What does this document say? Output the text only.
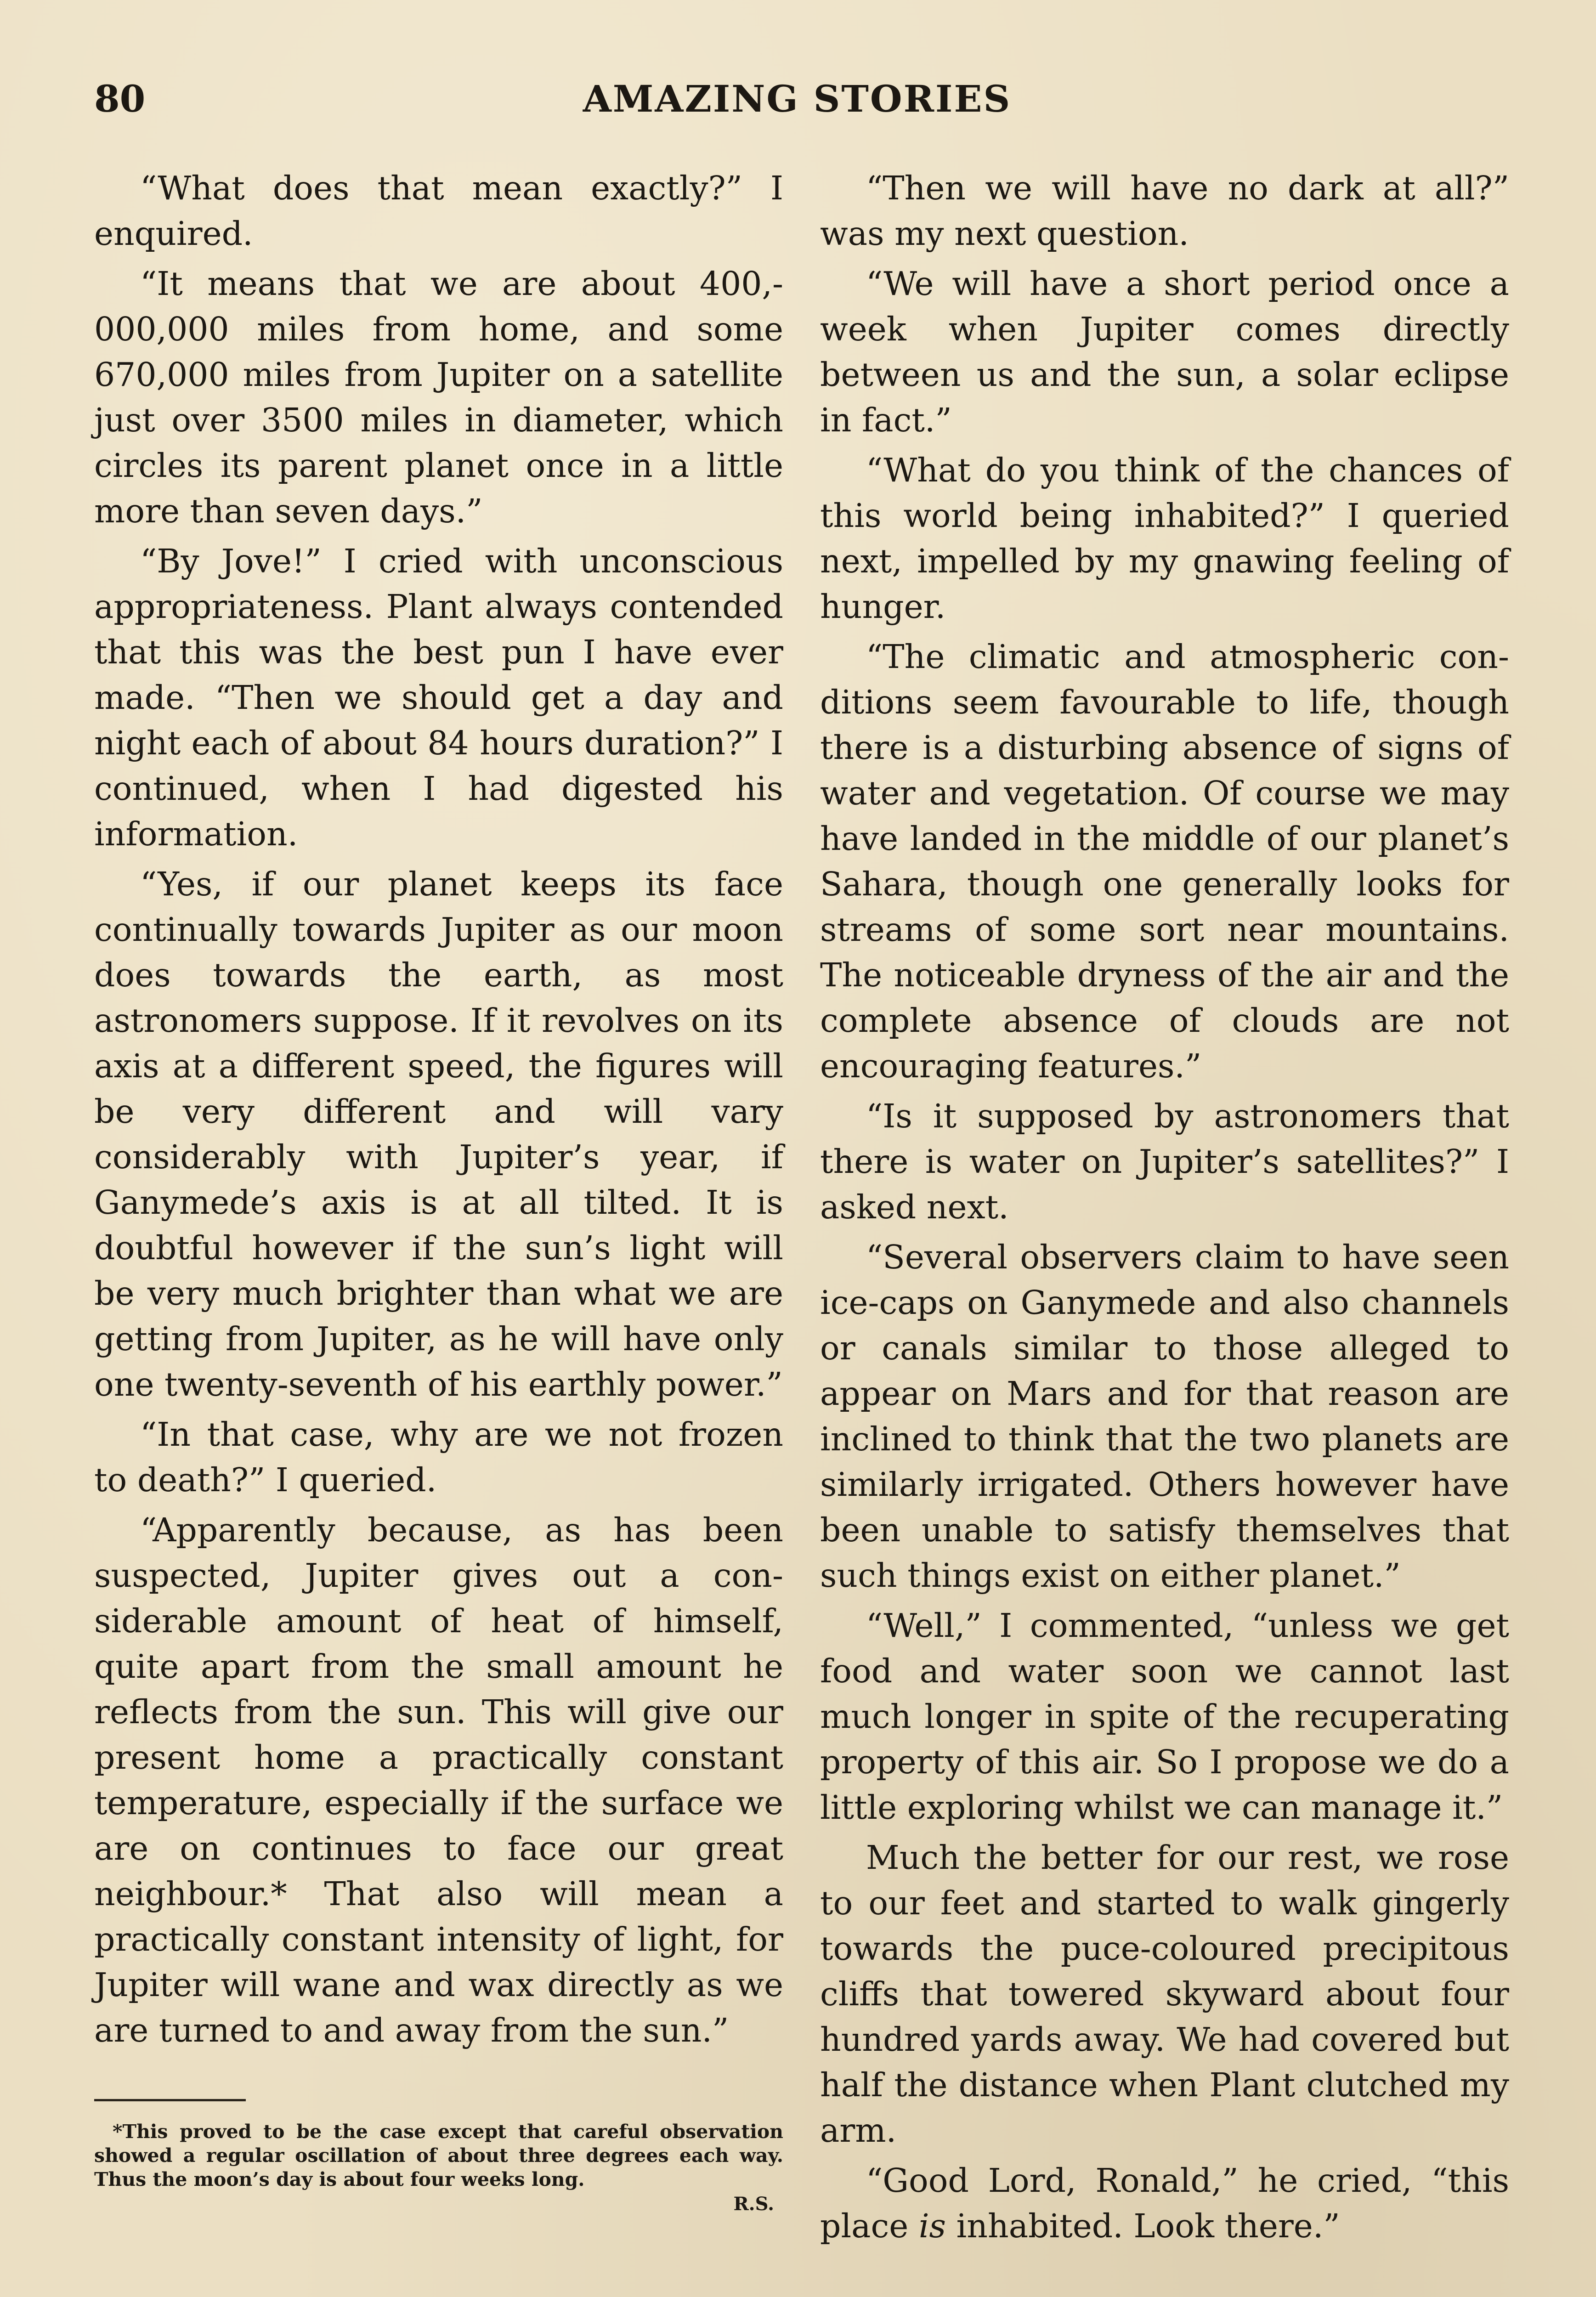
80	AMAZING STORIES

“What does that mean exactly?” I enquired.

“It means that we are about 400,000,000 miles from home, and some 670,000 miles from Jupiter on a satellite just over 3500 miles in diameter, which circles its parent planet once in a little more than seven days.”

“By Jove!” I cried with unconscious appropriateness. Plant always contended that this was the best pun I have ever made. “Then we should get a day and night each of about 84 hours duration?” I continued, when I had digested his information.

“Yes, if our planet keeps its face continually towards Jupiter as our moon does towards the earth, as most astronomers suppose. If it revolves on its axis at a different speed, the figures will be very different and will vary considerably with Jupiter’s year, if Ganymede’s axis is at all tilted. It is doubtful however if the sun’s light will be very much brighter than what we are getting from Jupiter, as he will have only one twenty-seventh of his earthly power.”

“In that case, why are we not frozen to death?” I queried.

“Apparently because, as has been suspected, Jupiter gives out a considerable amount of heat of himself, quite apart from the small amount he reflects from the sun. This will give our present home a practically constant temperature, especially if the surface we are on continues to face our great neighbour.* That also will mean a practically constant intensity of light, for Jupiter will wane and wax directly as we are turned to and away from the sun.”

*This proved to be the case except that careful observation showed a regular oscillation of about three degrees each way. Thus the moon’s day is about four weeks long.

R.S.

“Then we will have no dark at all?” was my next question.

“We will have a short period once a week when Jupiter comes directly between us and the sun, a solar eclipse in fact.”

“What do you think of the chances of this world being inhabited?” I queried next, impelled by my gnawing feeling of hunger.

“The climatic and atmospheric conditions seem favourable to life, though there is a disturbing absence of signs of water and vegetation. Of course we may have landed in the middle of our planet’s Sahara, though one generally looks for streams of some sort near mountains. The noticeable dryness of the air and the complete absence of clouds are not encouraging features.”

“Is it supposed by astronomers that there is water on Jupiter’s satellites?” I asked next.

“Several observers claim to have seen ice-caps on Ganymede and also channels or canals similar to those alleged to appear on Mars and for that reason are inclined to think that the two planets are similarly irrigated. Others however have been unable to satisfy themselves that such things exist on either planet.”

“Well,” I commented, “unless we get food and water soon we cannot last much longer in spite of the recuperating property of this air. So I propose we do a little exploring whilst we can manage it.”

Much the better for our rest, we rose to our feet and started to walk gingerly towards the puce-coloured precipitous cliffs that towered skyward about four hundred yards away. We had covered but half the distance when Plant clutched my arm.

“Good Lord, Ronald,” he cried, “this place is inhabited. Look there.”
